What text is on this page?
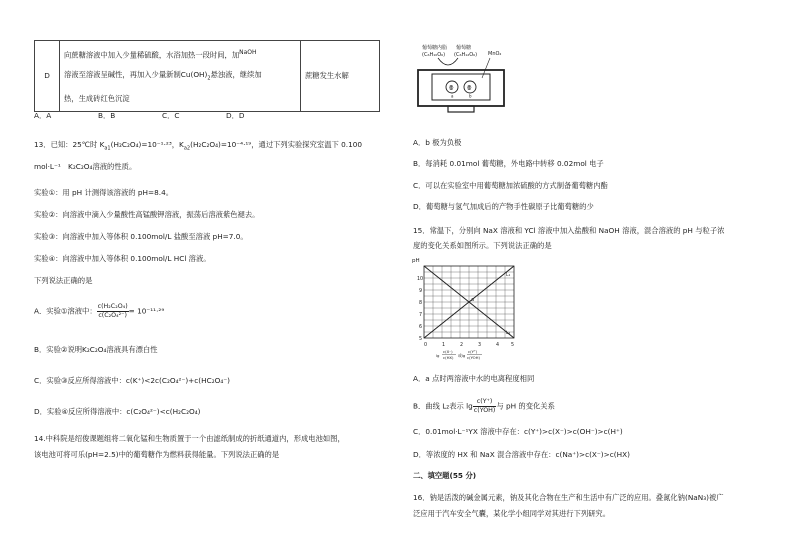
D	
向蔗糖溶液中加入少量稀硫酸，水浴加热一段时间，加$^{NaOH}$
溶液至溶液呈碱性，再加入少量新制$Cu(OH)_2$悬浊液，继续加
热，生成砖红色沉淀
	蔗糖发生水解
A．A	B．B	C．C	D．D
13．已知：25℃时 $K_{a1}(H_2C_2O_4)=10^{-1}\cdot^{23}$，$K_{a2}(H_2C_2O_4)=10^{-4}\cdot^{19}$，通过下列实验探究室温下 0.100
mol·L⁻¹　K₂C₂O₄溶液的性质。
实验①：用 pH 计测得该溶液的 pH=8.4。
实验②：向溶液中滴入少量酸性高锰酸钾溶液，振荡后溶液紫色褪去。
实验③：向溶液中加入等体积 0.100mol/L 盐酸至溶液 pH=7.0。
实验④：向溶液中加入等体积 0.100mol/L HCl 溶液。
下列说法正确的是
A．实验①溶液中： $\frac{\text{c(H₂C₂O₄)}}{\text{c(C₂O₄²⁻)}} = 10^{-11}\cdot^{29}$
B．实验②说明K₂C₂O₄溶液具有漂白性
C．实验③反应所得溶液中：c(K⁺)<2c(C₂O₄²⁻)+c(HC₂O₄⁻)
D．实验④反应所得溶液中：c(C₂O₄²⁻)<c(H₂C₂O₄)
14.中科院是绍俊课题组将二氧化锰和生物质置于一个由滤纸制成的折纸通道内，形成电池如图，
该电池可将可乐(pH=2.5)中的葡萄糖作为燃料获得能量。下列说法正确的是
葡萄糖内脂
(C₆H₁₀O₆)
葡萄糖
(C₆H₁₂O₆) MnO₂
ꙮ	ꙮ
a	b
A．b 极为负极
B．每消耗 0.01mol 葡萄糖，外电路中转移 0.02mol 电子
C．可以在实验室中用葡萄糖加浓硫酸的方式制备葡萄糖内酯
D．葡萄糖与氢气加成后的产物手性碳原子比葡萄糖的少
15．常温下，分别向 NaX 溶液和 YCl 溶液中加入盐酸和 NaOH 溶液，混合溶液的 pH 与粒子浓
度的变化关系如图所示。下列说法正确的是
pH
a
L₁
L₂
10
9
8
7
6
5
0	1	2	3	4 5
lg
c(X⁻)
c(HX) 或lg
c(Y⁺)
c(YOH)
A．a 点时两溶液中水的电离程度相同
B．曲线 L₂表示 $\lg \frac{c(Y^+)}{\text{c(YOH)}}$ 与 pH 的变化关系
C．0.01mol·L⁻¹YX 溶液中存在：c(Y⁺)>c(X⁻)>c(OH⁻)>c(H⁺)
D．等浓度的 HX 和 NaX 混合溶液中存在：c(Na⁺)>c(X⁻)>c(HX)
二、填空题(55 分)
16．钠是活泼的碱金属元素，钠及其化合物在生产和生活中有广泛的应用。叠氮化钠(NaN₃)被广
泛应用于汽车安全气囊，某化学小组同学对其进行下列研究。
